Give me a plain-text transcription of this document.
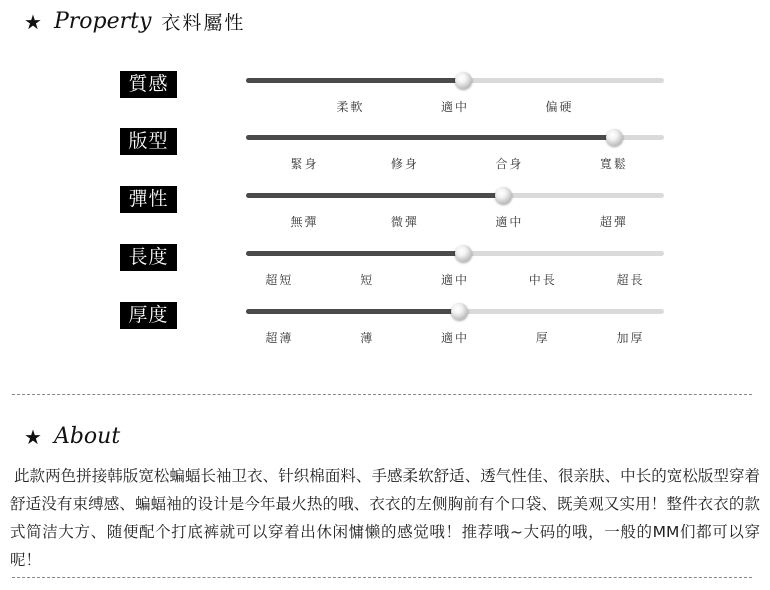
★ Property 衣料屬性
質感
柔軟	適中	偏硬
版型
緊身	修身	合身	寬鬆
彈性
無彈	微彈	適中	超彈
長度
超短	短	適中	中長	超長
厚度
超薄	薄	適中	厚	加厚
★ About
此款两色拼接韩版宽松蝙蝠长袖卫衣、针织棉面料、手感柔软舒适、透气性佳、很亲肤、中长的宽松版型穿着舒适没有束缚感、蝙蝠袖的设计是今年最火热的哦、衣衣的左侧胸前有个口袋、既美观又实用！整件衣衣的款式简洁大方、随便配个打底裤就可以穿着出休闲慵懒的感觉哦！推荐哦~大码的哦，一般的MM们都可以穿呢！
